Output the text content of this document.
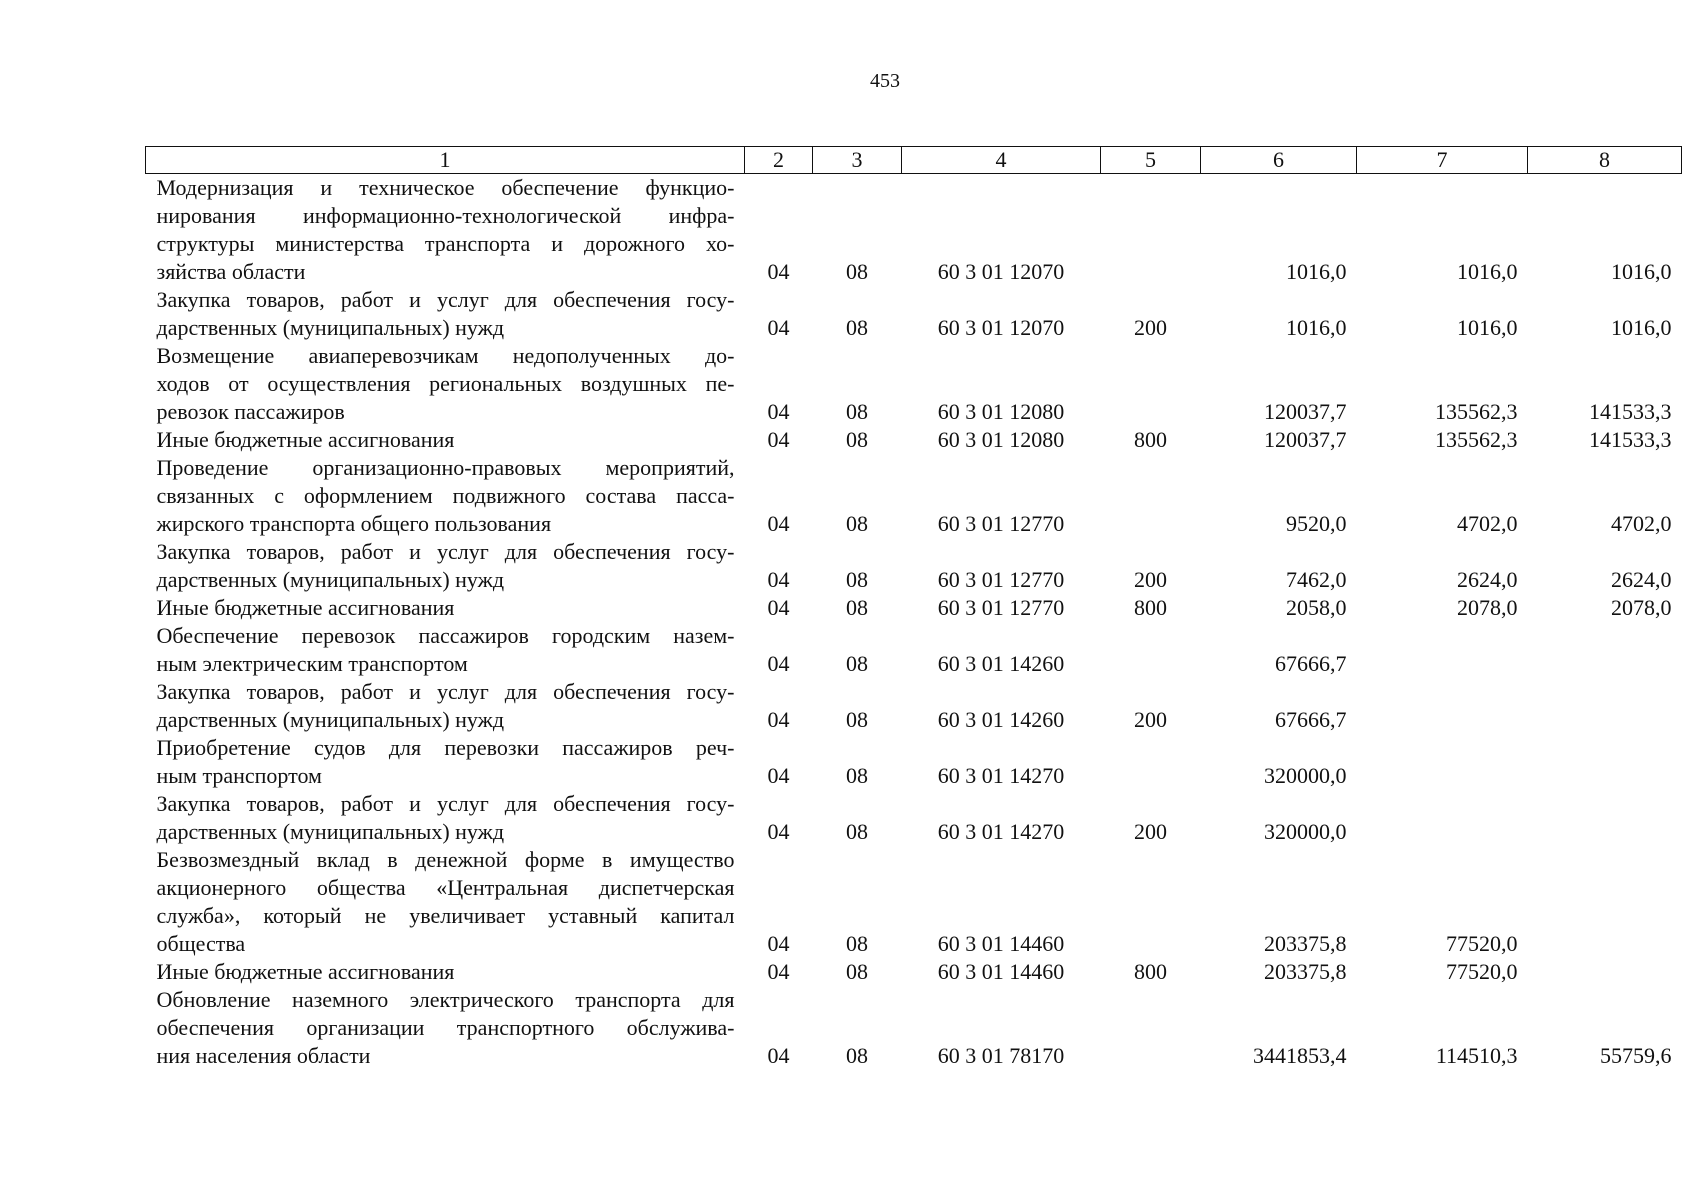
453
1	2	3	4	5	6	7	8

Модернизация и техническое обеспечение функцио-
нирования информационно-технологической инфра-
структуры министерства транспорта и дорожного хо-
зяйства области	04	08	60 3 01 12070		1016,0	1016,0	1016,0

Закупка товаров, работ и услуг для обеспечения госу-
дарственных (муниципальных) нужд	04	08	60 3 01 12070	200	1016,0	1016,0	1016,0

Возмещение авиаперевозчикам недополученных до-
ходов от осуществления региональных воздушных пе-
ревозок пассажиров	04	08	60 3 01 12080		120037,7	135562,3	141533,3

Иные бюджетные ассигнования	04	08	60 3 01 12080	800	120037,7	135562,3	141533,3

Проведение организационно-правовых мероприятий,
связанных с оформлением подвижного состава пасса-
жирского транспорта общего пользования	04	08	60 3 01 12770		9520,0	4702,0	4702,0

Закупка товаров, работ и услуг для обеспечения госу-
дарственных (муниципальных) нужд	04	08	60 3 01 12770	200	7462,0	2624,0	2624,0

Иные бюджетные ассигнования	04	08	60 3 01 12770	800	2058,0	2078,0	2078,0

Обеспечение перевозок пассажиров городским назем-
ным электрическим транспортом	04	08	60 3 01 14260		67666,7		

Закупка товаров, работ и услуг для обеспечения госу-
дарственных (муниципальных) нужд	04	08	60 3 01 14260	200	67666,7		

Приобретение судов для перевозки пассажиров реч-
ным транспортом	04	08	60 3 01 14270		320000,0		

Закупка товаров, работ и услуг для обеспечения госу-
дарственных (муниципальных) нужд	04	08	60 3 01 14270	200	320000,0		

Безвозмездный вклад в денежной форме в имущество
акционерного общества «Центральная диспетчерская
служба», который не увеличивает уставный капитал
общества	04	08	60 3 01 14460		203375,8	77520,0	

Иные бюджетные ассигнования	04	08	60 3 01 14460	800	203375,8	77520,0	

Обновление наземного электрического транспорта для
обеспечения организации транспортного обслужива-
ния населения области	04	08	60 3 01 78170		3441853,4	114510,3	55759,6
